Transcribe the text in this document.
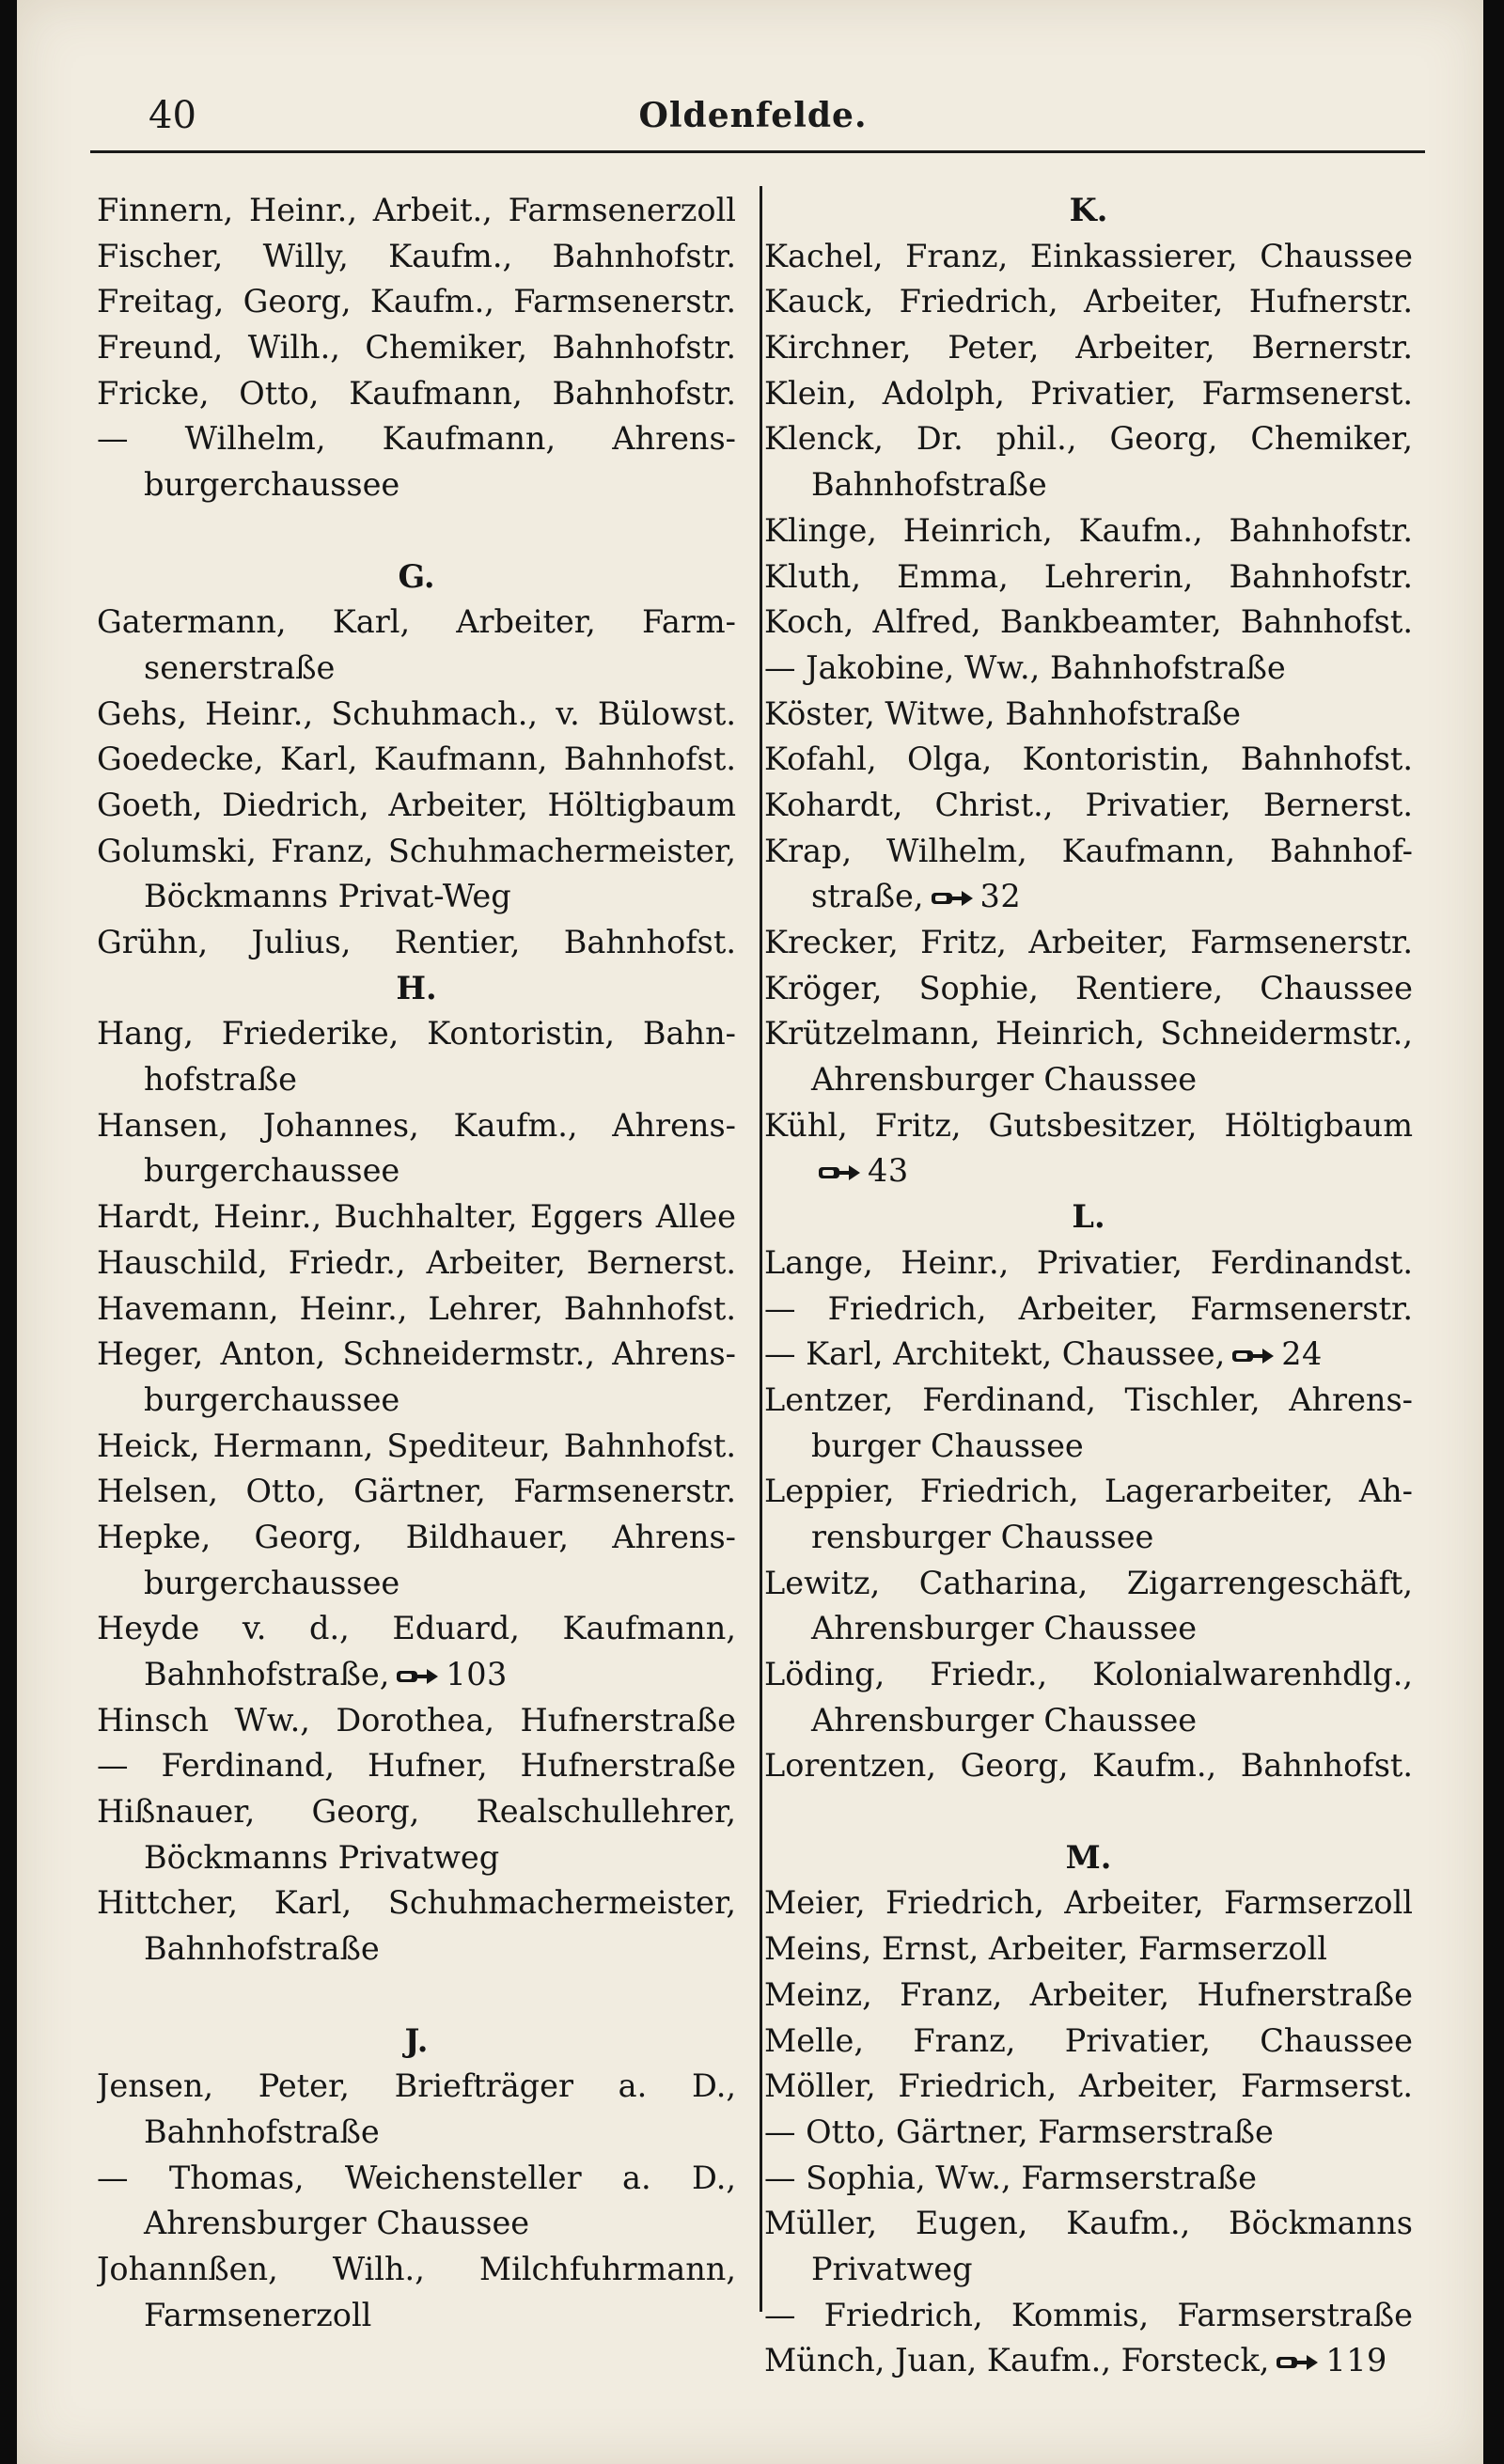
40	Oldenfelde.
Finnern, Heinr., Arbeit., Farmsenerzoll
Fischer, Willy, Kaufm., Bahnhofstr.
Freitag, Georg, Kaufm., Farmsenerstr.
Freund, Wilh., Chemiker, Bahnhofstr.
Fricke, Otto, Kaufmann, Bahnhofstr.
— Wilhelm, Kaufmann, Ahrens-
burgerchaussee
G.
Gatermann, Karl, Arbeiter, Farm-
senerstraße
Gehs, Heinr., Schuhmach., v. Bülowst.
Goedecke, Karl, Kaufmann, Bahnhofst.
Goeth, Diedrich, Arbeiter, Höltigbaum
Golumski, Franz, Schuhmachermeister,
Böckmanns Privat-Weg
Grühn, Julius, Rentier, Bahnhofst.
H.
Hang, Friederike, Kontoristin, Bahn-
hofstraße
Hansen, Johannes, Kaufm., Ahrens-
burgerchaussee
Hardt, Heinr., Buchhalter, Eggers Allee
Hauschild, Friedr., Arbeiter, Bernerst.
Havemann, Heinr., Lehrer, Bahnhofst.
Heger, Anton, Schneidermstr., Ahrens-
burgerchaussee
Heick, Hermann, Spediteur, Bahnhofst.
Helsen, Otto, Gärtner, Farmsenerstr.
Hepke, Georg, Bildhauer, Ahrens-
burgerchaussee
Heyde v. d., Eduard, Kaufmann,
Bahnhofstraße, 103
Hinsch Ww., Dorothea, Hufnerstraße
— Ferdinand, Hufner, Hufnerstraße
Hißnauer, Georg, Realschullehrer,
Böckmanns Privatweg
Hittcher, Karl, Schuhmachermeister,
Bahnhofstraße
J.
Jensen, Peter, Briefträger a. D.,
Bahnhofstraße
— Thomas, Weichensteller a. D.,
Ahrensburger Chaussee
Johannßen, Wilh., Milchfuhrmann,
Farmsenerzoll
K.
Kachel, Franz, Einkassierer, Chaussee
Kauck, Friedrich, Arbeiter, Hufnerstr.
Kirchner, Peter, Arbeiter, Bernerstr.
Klein, Adolph, Privatier, Farmsenerst.
Klenck, Dr. phil., Georg, Chemiker,
Bahnhofstraße
Klinge, Heinrich, Kaufm., Bahnhofstr.
Kluth, Emma, Lehrerin, Bahnhofstr.
Koch, Alfred, Bankbeamter, Bahnhofst.
— Jakobine, Ww., Bahnhofstraße
Köster, Witwe, Bahnhofstraße
Kofahl, Olga, Kontoristin, Bahnhofst.
Kohardt, Christ., Privatier, Bernerst.
Krap, Wilhelm, Kaufmann, Bahnhof-
straße, 32
Krecker, Fritz, Arbeiter, Farmsenerstr.
Kröger, Sophie, Rentiere, Chaussee
Krützelmann, Heinrich, Schneidermstr.,
Ahrensburger Chaussee
Kühl, Fritz, Gutsbesitzer, Höltigbaum
43
L.
Lange, Heinr., Privatier, Ferdinandst.
— Friedrich, Arbeiter, Farmsenerstr.
— Karl, Architekt, Chaussee, 24
Lentzer, Ferdinand, Tischler, Ahrens-
burger Chaussee
Leppier, Friedrich, Lagerarbeiter, Ah-
rensburger Chaussee
Lewitz, Catharina, Zigarrengeschäft,
Ahrensburger Chaussee
Löding, Friedr., Kolonialwarenhdlg.,
Ahrensburger Chaussee
Lorentzen, Georg, Kaufm., Bahnhofst.
M.
Meier, Friedrich, Arbeiter, Farmserzoll
Meins, Ernst, Arbeiter, Farmserzoll
Meinz, Franz, Arbeiter, Hufnerstraße
Melle, Franz, Privatier, Chaussee
Möller, Friedrich, Arbeiter, Farmserst.
— Otto, Gärtner, Farmserstraße
— Sophia, Ww., Farmserstraße
Müller, Eugen, Kaufm., Böckmanns
Privatweg
— Friedrich, Kommis, Farmserstraße
Münch, Juan, Kaufm., Forsteck, 119
